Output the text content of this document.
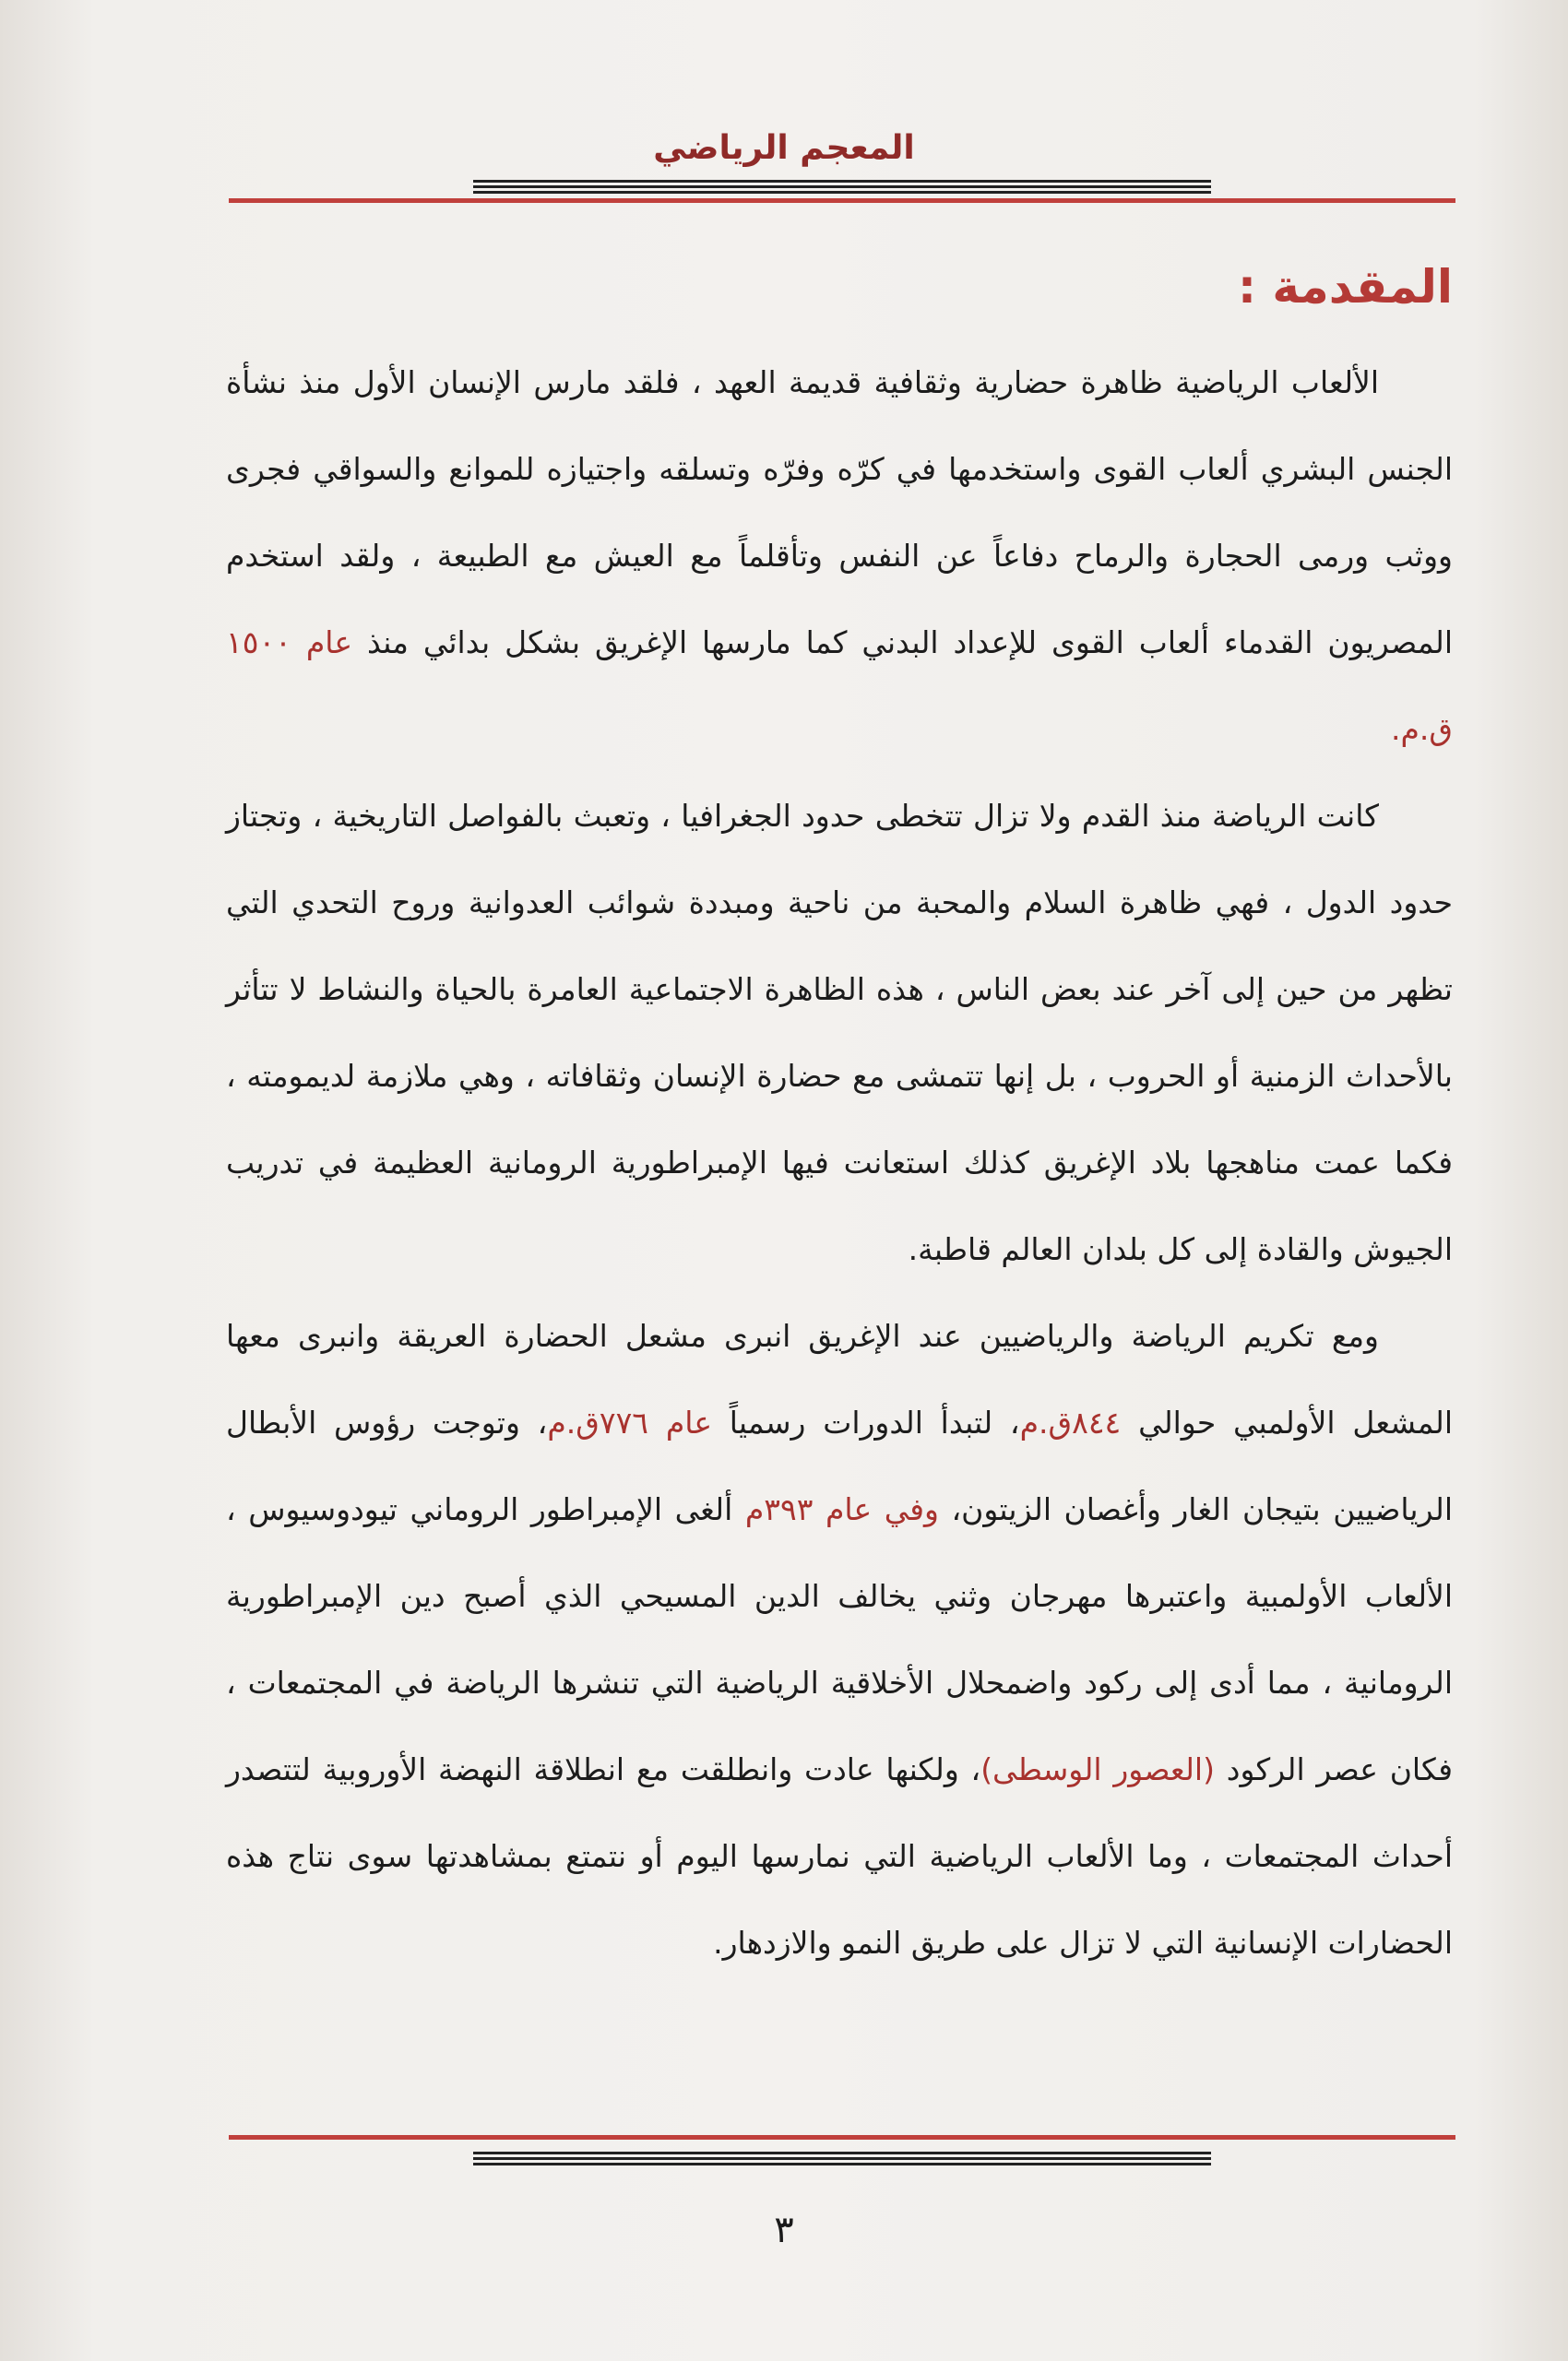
المعجم الرياضي
المقدمة :

الألعاب الرياضية ظاهرة حضارية وثقافية قديمة العهد ، فلقد مارس الإنسان الأول منذ نشأة الجنس البشري ألعاب القوى واستخدمها في كرّه وفرّه وتسلقه واجتيازه للموانع والسواقي فجرى ووثب ورمى الحجارة والرماح دفاعاً عن النفس وتأقلماً مع العيش مع الطبيعة ، ولقد استخدم المصريون القدماء ألعاب القوى للإعداد البدني كما مارسها الإغريق بشكل بدائي منذ عام ١٥٠٠ ق.م.

كانت الرياضة منذ القدم ولا تزال تتخطى حدود الجغرافيا ، وتعبث بالفواصل التاريخية ، وتجتاز حدود الدول ، فهي ظاهرة السلام والمحبة من ناحية ومبددة شوائب العدوانية وروح التحدي التي تظهر من حين إلى آخر عند بعض الناس ، هذه الظاهرة الاجتماعية العامرة بالحياة والنشاط لا تتأثر بالأحداث الزمنية أو الحروب ، بل إنها تتمشى مع حضارة الإنسان وثقافاته ، وهي ملازمة لديمومته ، فكما عمت مناهجها بلاد الإغريق كذلك استعانت فيها الإمبراطورية الرومانية العظيمة في تدريب الجيوش والقادة إلى كل بلدان العالم قاطبة.

ومع تكريم الرياضة والرياضيين عند الإغريق انبرى مشعل الحضارة العريقة وانبرى معها المشعل الأولمبي حوالي ٨٤٤ق.م، لتبدأ الدورات رسمياً عام ٧٧٦ق.م، وتوجت رؤوس الأبطال الرياضيين بتيجان الغار وأغصان الزيتون، وفي عام ٣٩٣م ألغى الإمبراطور الروماني تيودوسيوس ، الألعاب الأولمبية واعتبرها مهرجان وثني يخالف الدين المسيحي الذي أصبح دين الإمبراطورية الرومانية ، مما أدى إلى ركود واضمحلال الأخلاقية الرياضية التي تنشرها الرياضة في المجتمعات ، فكان عصر الركود (العصور الوسطى)، ولكنها عادت وانطلقت مع انطلاقة النهضة الأوروبية لتتصدر أحداث المجتمعات ، وما الألعاب الرياضية التي نمارسها اليوم أو نتمتع بمشاهدتها سوى نتاج هذه الحضارات الإنسانية التي لا تزال على طريق النمو والازدهار.

٣
